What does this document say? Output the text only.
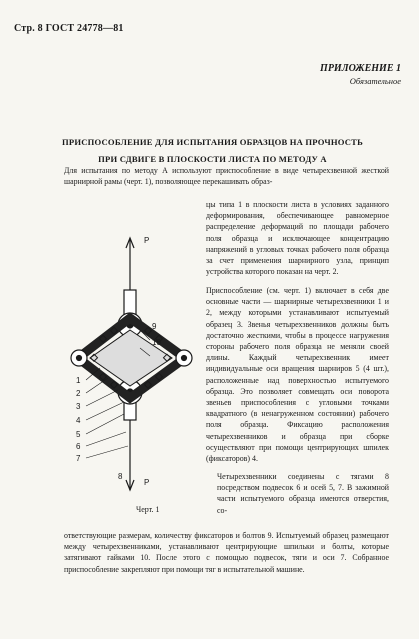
Стр. 8 ГОСТ 24778—81
ПРИЛОЖЕНИЕ 1
Обязательное
ПРИСПОСОБЛЕНИЕ ДЛЯ ИСПЫТАНИЯ ОБРАЗЦОВ НА ПРОЧНОСТЬ
ПРИ СДВИГЕ В ПЛОСКОСТИ ЛИСТА ПО МЕТОДУ А
Для испытания по методу А используют приспособление в виде четырехзвенной жесткой шарнирной рамы (черт. 1), позволяющее перекашивать образ-
цы типа 1 в плоскости листа в условиях заданного деформирования, обеспечивающее равномерное распределение деформаций по площади рабочего поля образца и исключающее концентрацию напряжений в угловых точках рабочего поля образца за счет применения шарнирного узла, принцип устройства которого показан на черт. 2.
Приспособление (см. черт. 1) включает в себя две основные части — шарнирные четырехзвенники 1 и 2, между которыми устанавливают испытуемый образец 3. Звенья четырехзвенников должны быть достаточно жесткими, чтобы в процессе нагружения стороны рабочего поля образца не меняли своей длины. Каждый четырехзвенник имеет индивидуальные оси вращения шарниров 5 (4 шт.), расположенные над поверхностью испытуемого образца. Это позволяет совмещать оси поворота звеньев приспособления с угловыми точками квадратного (в ненагруженном состоянии) рабочего поля образца. Фиксацию расположения четырехзвенников и образца при сборке осуществляют при помощи центрирующих шпилек (фиксаторов) 4.
Четырехзвенники соединены с тягами 8 посредством подвесок 6 и осей 5, 7. В зажимной части испытуемого образца имеются отверстия, со-
ответствующие размерам, количеству фиксаторов и болтов 9. Испытуемый образец размещают между четырехзвенниками, устанавливают центрирующие шпильки и болты, которые затягивают гайками 10. После этого с помощью подвесок, тяги и оси 7. Собранное приспособление закрепляют при помощи тяг в испытательной машине.
P
P
1
2
3
4
5
6
7
9
10
8
Черт. 1
